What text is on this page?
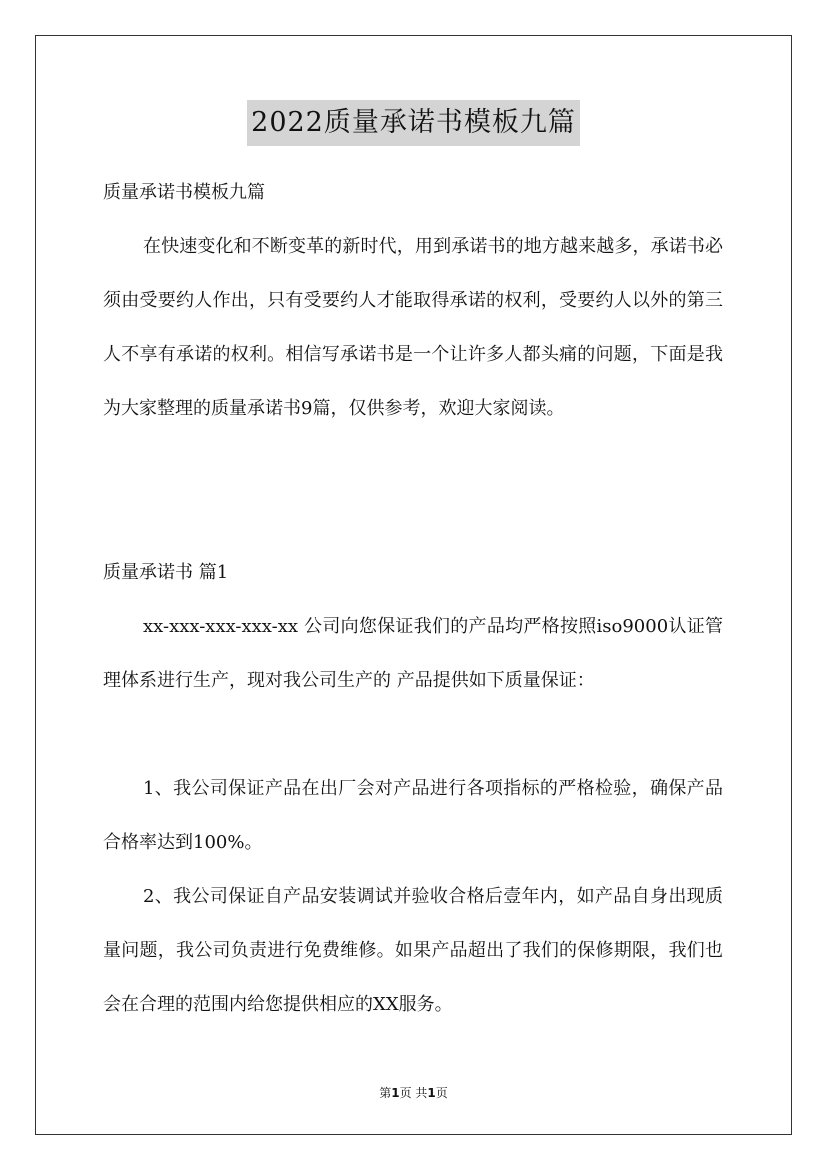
2022质量承诺书模板九篇

质量承诺书模板九篇

在快速变化和不断变革的新时代，用到承诺书的地方越来越多，承诺书必须由受要约人作出，只有受要约人才能取得承诺的权利，受要约人以外的第三人不享有承诺的权利。相信写承诺书是一个让许多人都头痛的问题，下面是我为大家整理的质量承诺书9篇，仅供参考，欢迎大家阅读。

质量承诺书 篇1

xx-xxx-xxx-xxx-xx 公司向您保证我们的产品均严格按照iso9000认证管理体系进行生产，现对我公司生产的 产品提供如下质量保证：

1、我公司保证产品在出厂会对产品进行各项指标的严格检验，确保产品合格率达到100%。

2、我公司保证自产品安装调试并验收合格后壹年内，如产品自身出现质量问题，我公司负责进行免费维修。如果产品超出了我们的保修期限，我们也会在合理的范围内给您提供相应的XX服务。

第1页 共1页
